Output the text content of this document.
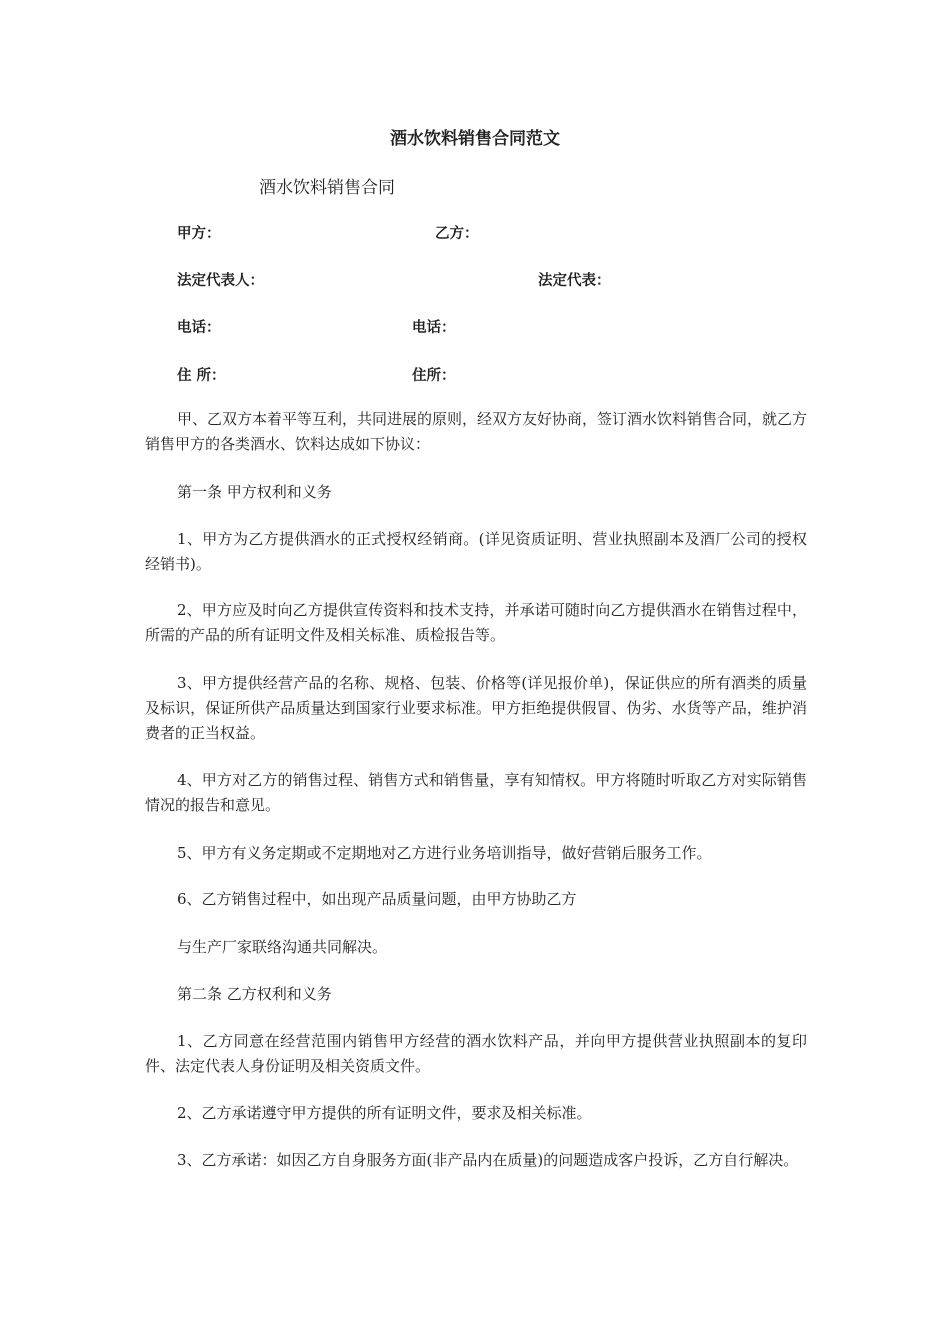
酒水饮料销售合同范文
酒水饮料销售合同
甲方：	乙方：
法定代表人：	法定代表：
电话：	电话：
住 所：	住所：
甲、乙双方本着平等互利，共同进展的原则，经双方友好协商，签订酒水饮料销售合同，就乙方销售甲方的各类酒水、饮料达成如下协议：
第一条 甲方权利和义务
1、甲方为乙方提供酒水的正式授权经销商。(详见资质证明、营业执照副本及酒厂公司的授权经销书)。
2、甲方应及时向乙方提供宣传资料和技术支持，并承诺可随时向乙方提供酒水在销售过程中，所需的产品的所有证明文件及相关标准、质检报告等。
3、甲方提供经营产品的名称、规格、包装、价格等(详见报价单)，保证供应的所有酒类的质量及标识，保证所供产品质量达到国家行业要求标准。甲方拒绝提供假冒、伪劣、水货等产品，维护消费者的正当权益。
4、甲方对乙方的销售过程、销售方式和销售量，享有知情权。甲方将随时听取乙方对实际销售情况的报告和意见。
5、甲方有义务定期或不定期地对乙方进行业务培训指导，做好营销后服务工作。
6、乙方销售过程中，如出现产品质量问题，由甲方协助乙方
与生产厂家联络沟通共同解决。
第二条 乙方权利和义务
1、乙方同意在经营范围内销售甲方经营的酒水饮料产品，并向甲方提供营业执照副本的复印件、法定代表人身份证明及相关资质文件。
2、乙方承诺遵守甲方提供的所有证明文件，要求及相关标准。
3、乙方承诺：如因乙方自身服务方面(非产品内在质量)的问题造成客户投诉，乙方自行解决。
